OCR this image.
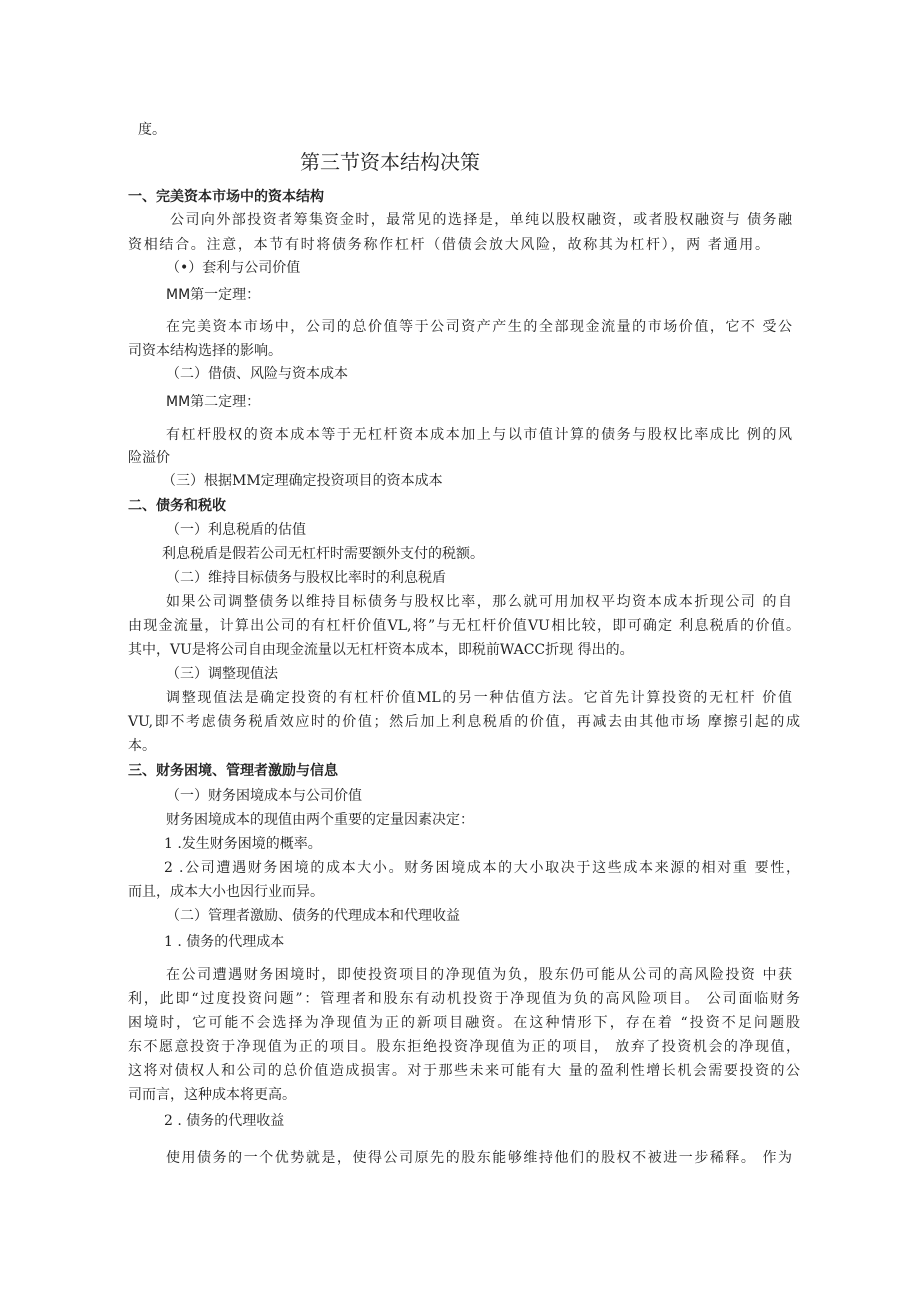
度。
第三节资本结构决策
一、完美资本市场中的资本结构
公司向外部投资者筹集资金时，最常见的选择是，单纯以股权融资，或者股权融资与 债务融
资相结合。注意，本节有时将债务称作杠杆（借债会放大风险，故称其为杠杆），两 者通用。
（•）套利与公司价值
MM第一定理：
在完美资本市场中，公司的总价值等于公司资产产生的全部现金流量的市场价值，它不 受公
司资本结构选择的影响。
（二）借债、风险与资本成本
MM第二定理：
有杠杆股权的资本成本等于无杠杆资本成本加上与以市值计算的债务与股权比率成比 例的风
险溢价
（三）根据MM定理确定投资项目的资本成本
二、债务和税收
（一）利息税盾的估值
利息税盾是假若公司无杠杆时需要额外支付的税额。
（二）维持目标债务与股权比率时的利息税盾
如果公司调整债务以维持目标债务与股权比率，那么就可用加权平均资本成本折现公司 的自
由现金流量，计算出公司的有杠杆价值VL,将”与无杠杆价值VU相比较，即可确定 利息税盾的价值。
其中，VU是将公司自由现金流量以无杠杆资本成本，即税前WACC折现 得出的。
（三）调整现值法
调整现值法是确定投资的有杠杆价值ML的另一种估值方法。它首先计算投资的无杠杆 价值
VU,即不考虑债务税盾效应时的价值；然后加上利息税盾的价值，再减去由其他市场 摩擦引起的成
本。
三、财务困境、管理者激励与信息
（一）财务困境成本与公司价值
财务困境成本的现值由两个重要的定量因素决定：
1 .发生财务困境的概率。
2 .公司遭遇财务困境的成本大小。财务困境成本的大小取决于这些成本来源的相对重 要性，
而且，成本大小也因行业而异。
（二）管理者激励、债务的代理成本和代理收益
1 . 债务的代理成本
在公司遭遇财务困境时，即使投资项目的净现值为负，股东仍可能从公司的高风险投资 中获
利，此即“过度投资问题”：管理者和股东有动机投资于净现值为负的高风险项目。 公司面临财务
困境时，它可能不会选择为净现值为正的新项目融资。在这种情形下，存在着 “投资不足问题股
东不愿意投资于净现值为正的项目。股东拒绝投资净现值为正的项目， 放弃了投资机会的净现值，
这将对债权人和公司的总价值造成损害。对于那些未来可能有大 量的盈利性增长机会需要投资的公
司而言，这种成本将更高。
2 . 债务的代理收益
使用债务的一个优势就是，使得公司原先的股东能够维持他们的股权不被进一步稀释。 作为
